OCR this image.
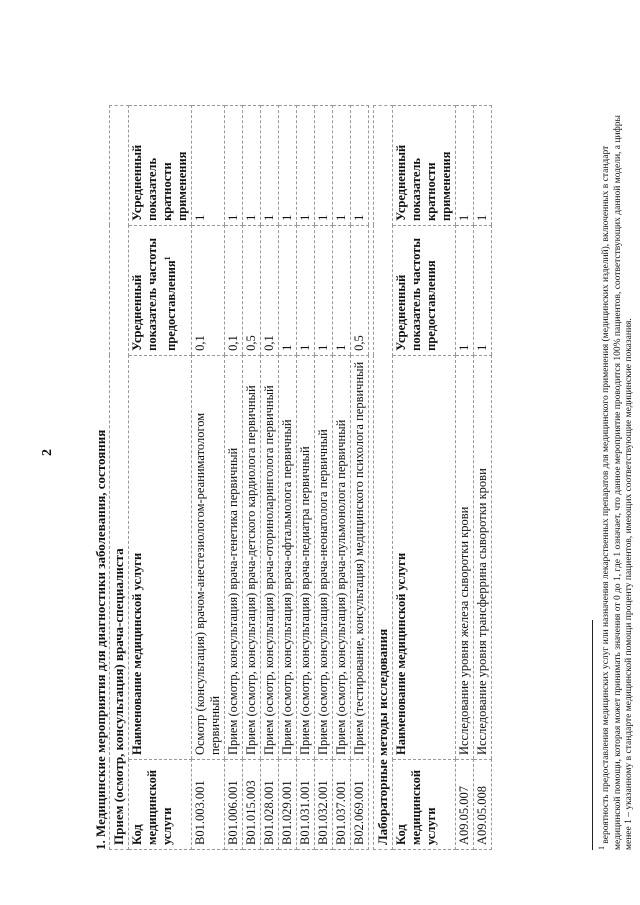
2	1. Медицинские мероприятия для диагностики заболевания, состояния Прием (осмотр, консультация) врача-специалиста			
Код медицинской услуги	Наименование медицинской услуги	Усредненный показатель частоты предоставления$^1$	Усредненный показатель кратности применения
B01.003.001	Осмотр (консультация) врачом-анестезиологом-реаниматологом первичный	0,1	1
B01.006.001	Прием (осмотр, консультация) врача-генетика первичный	0,1	1
B01.015.003	Прием (осмотр, консультация) врача-детского кардиолога первичный	0,5	1
B01.028.001	Прием (осмотр, консультация) врача-оториноларинголога первичный	0,1	1
B01.029.001	Прием (осмотр, консультация) врача-офтальмолога первичный	1	1
B01.031.001	Прием (осмотр, консультация) врача-педиатра первичный	1	1
B01.032.001	Прием (осмотр, консультация) врача-неонатолога первичный	1	1
B01.037.001	Прием (осмотр, консультация) врача-пульмонолога первичный	1	1
B02.069.001	Прием (тестирование, консультация) медицинского психолога первичный	0,5	1
Лабораторные методы исследования			
Код медицинской услуги	Наименование медицинской услуги	Усредненный показатель частоты предоставления	Усредненный показатель кратности применения
A09.05.007	Исследование уровня железа сыворотки крови	1	1
A09.05.008	Исследование уровня трансферрина сыворотки крови	1	1
$^1$ вероятность предоставления медицинских услуг или назначения лекарственных препаратов для медицинского применения (медицинских изделий), включенных в стандарт медицинской помощи, которая может принимать значения от 0 до 1, где 1 означает, что данное мероприятие проводится 100% пациентов, соответствующих данной модели, а цифры менее 1 – указанному в стандарте медицинской помощи проценту пациентов, имеющих соответствующие медицинские показания.
